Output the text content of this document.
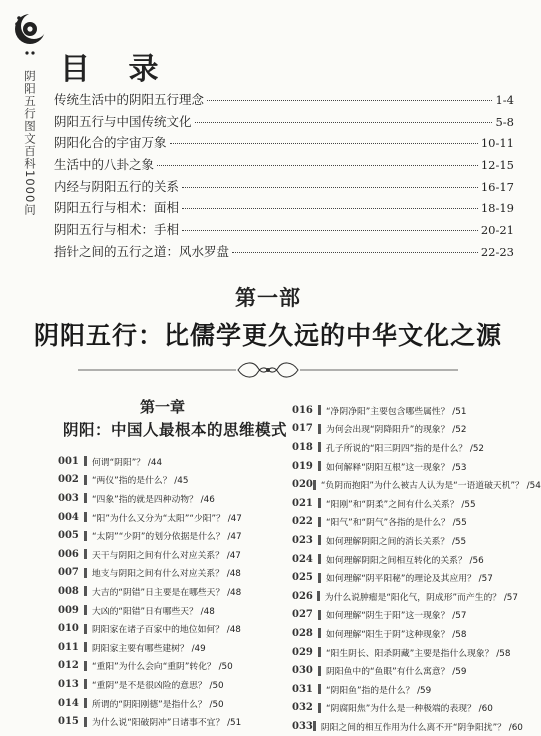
阴阳五行图文百科1000问
目 录
传统生活中的阴阳五行理念	1-4
阴阳五行与中国传统文化	5-8
阴阳化合的宇宙万象	10-11
生活中的八卦之象	12-15
内经与阴阳五行的关系	16-17
阴阳五行与相术：面相	18-19
阴阳五行与相术：手相	20-21
指针之间的五行之道：风水罗盘	22-23
第一部
阴阳五行：比儒学更久远的中华文化之源
第一章
阴阳：中国人最根本的思维模式
001	何谓“阴阳”？ /44
002	“两仪”指的是什么？ /45
003	“四象”指的就是四种动物？ /46
004	“阳”为什么又分为“太阳”“少阳”？ /47
005	“太阴”“少阴”的划分依据是什么？ /47
006	天干与阴阳之间有什么对应关系？ /47
007	地支与阴阳之间有什么对应关系？ /48
008	大吉的“阴错”日主要是在哪些天？ /48
009	大凶的“阳错”日有哪些天？ /48
010	阴阳家在诸子百家中的地位如何？ /48
011	阴阳家主要有哪些建树？ /49
012	“重阳”为什么会向“重阴”转化？ /50
013	“重阴”是不是很凶险的意思？ /50
014	所谓的“阴阳刚德”是指什么？ /50
015	为什么说“阳破阴冲”日诸事不宜？ /51
016	“净阴净阳”主要包含哪些属性？ /51
017	为何会出现“阴降阳升”的现象？ /52
018	孔子所说的“阳三阴四”指的是什么？ /52
019	如何解释“阴阳互根”这一现象？ /53
020 “负阴而抱阳”为什么被古人认为是“一语道破天机”？ /54
021	“阳刚”和“阴柔”之间有什么关系？ /55
022	“阳气”和“阴气”各指的是什么？ /55
023	如何理解阴阳之间的消长关系？ /55
024	如何理解阴阳之间相互转化的关系？ /56
025	如何理解“阴平阳秘”的理论及其应用？ /57
026	为什么说肿瘤是“阳化气，阴成形”而产生的？ /57
027	如何理解“阴生于阳”这一现象？ /57
028	如何理解“阳生于阴”这种现象？ /58
029	“阳生阴长、阳杀阴藏”主要是指什么现象？ /58
030	阴阳鱼中的“鱼眼”有什么寓意？ /59
031	“阴阳鱼”指的是什么？ /59
032	“阴腐阳焦”为什么是一种极端的表现？ /60
033 阴阳之间的相互作用为什么离不开“阴争阳扰”？ /60
